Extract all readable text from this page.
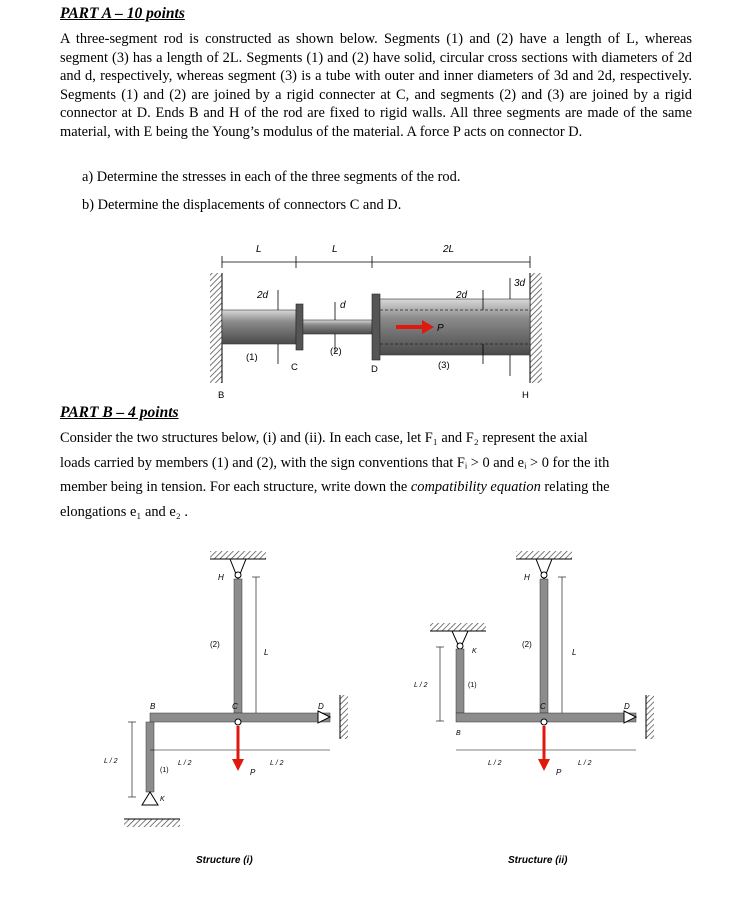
PART A – 10 points

A three-segment rod is constructed as shown below. Segments (1) and (2) have a length of L, whereas segment (3) has a length of 2L. Segments (1) and (2) have solid, circular cross sections with diameters of 2d and d, respectively, whereas segment (3) is a tube with outer and inner diameters of 3d and 2d, respectively. Segments (1) and (2) are joined by a rigid connecter at C, and segments (2) and (3) are joined by a rigid connector at D. Ends B and H of the rod are fixed to rigid walls. All three segments are made of the same material, with E being the Young’s modulus of the material. A force P acts on connector D.

a) Determine the stresses in each of the three segments of the rod.

b) Determine the displacements of connectors C and D.

L	L	2L
2d
d
2d
3d
P
(1)
(2)
(3)
C	D
B	H

PART B – 4 points

Consider the two structures below, (i) and (ii). In each case, let F₁ and F₂ represent the axial
loads carried by members (1) and (2), with the sign conventions that Fᵢ > 0 and eᵢ > 0 for the ith
member being in tension. For each structure, write down the compatibility equation relating the
elongations e₁ and e₂ .

H
(2)
L
B	C	D
(1)
L / 2
K
L / 2	L / 2
P
Structure (i)
H
(2)
L
K
(1)
L / 2
B
C	D
L / 2	L / 2
P
Structure (ii)
